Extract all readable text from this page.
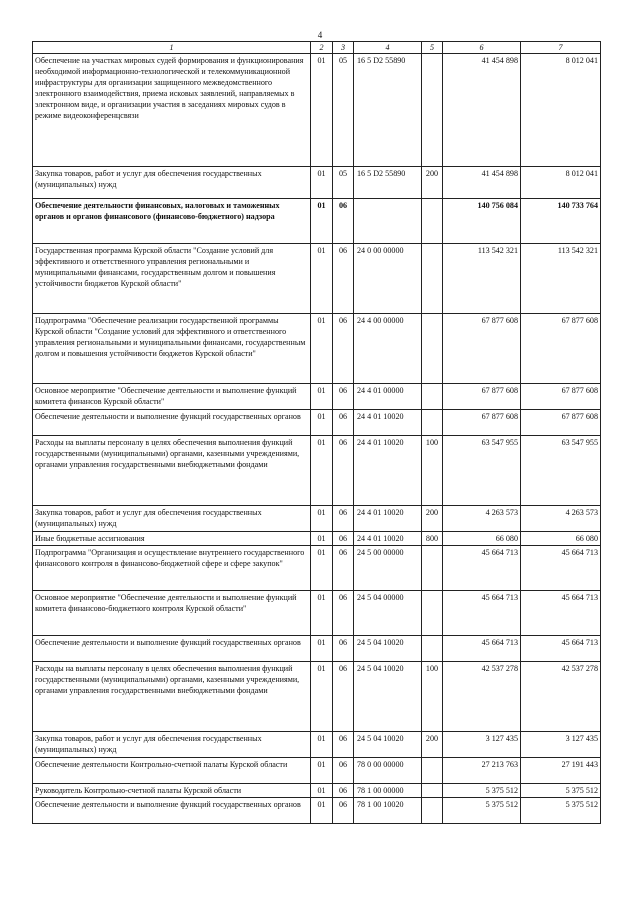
4
1	2	3	4	5	6	7
Обеспечение на участках мировых судей формирования и функционирования необходимой информационно-технологической и телекоммуникационной инфраструктуры для организации защищенного межведомственного электронного взаимодействия, приема исковых заявлений, направляемых в электронном виде, и организации участия в заседаниях мировых судов в режиме видеоконференцсвязи	01	05	16 5 D2 55890		41 454 898	8 012 041
Закупка товаров, работ и услуг для обеспечения государственных (муниципальных) нужд	01	05	16 5 D2 55890	200	41 454 898	8 012 041
Обеспечение деятельности финансовых, налоговых и таможенных органов и органов финансового (финансово-бюджетного) надзора	01	06			140 756 084	140 733 764
Государственная программа Курской области "Создание условий для эффективного и ответственного управления региональными и муниципальными финансами, государственным долгом и повышения устойчивости бюджетов Курской области"	01	06	24 0 00 00000		113 542 321	113 542 321
Подпрограмма "Обеспечение реализации государственной программы Курской области "Создание условий для эффективного и ответственного управления региональными и муниципальными финансами, государственным долгом и повышения устойчивости бюджетов Курской области"	01	06	24 4 00 00000		67 877 608	67 877 608
Основное мероприятие "Обеспечение деятельности и выполнение функций комитета финансов Курской области"	01	06	24 4 01 00000		67 877 608	67 877 608
Обеспечение деятельности и выполнение функций государственных органов	01	06	24 4 01 10020		67 877 608	67 877 608
Расходы на выплаты персоналу в целях обеспечения выполнения функций государственными (муниципальными) органами, казенными учреждениями, органами управления государственными внебюджетными фондами	01	06	24 4 01 10020	100	63 547 955	63 547 955
Закупка товаров, работ и услуг для обеспечения государственных (муниципальных) нужд	01	06	24 4 01 10020	200	4 263 573	4 263 573
Иные бюджетные ассигнования	01	06	24 4 01 10020	800	66 080	66 080
Подпрограмма "Организация и осуществление внутреннего государственного финансового контроля в финансово-бюджетной сфере и сфере закупок"	01	06	24 5 00 00000		45 664 713	45 664 713
Основное мероприятие "Обеспечение деятельности и выполнение функций комитета финансово-бюджетного контроля Курской области"	01	06	24 5 04 00000		45 664 713	45 664 713
Обеспечение деятельности и выполнение функций государственных органов	01	06	24 5 04 10020		45 664 713	45 664 713
Расходы на выплаты персоналу в целях обеспечения выполнения функций государственными (муниципальными) органами, казенными учреждениями, органами управления государственными внебюджетными фондами	01	06	24 5 04 10020	100	42 537 278	42 537 278
Закупка товаров, работ и услуг для обеспечения государственных (муниципальных) нужд	01	06	24 5 04 10020	200	3 127 435	3 127 435
Обеспечение деятельности Контрольно-счетной палаты Курской области	01	06	78 0 00 00000		27 213 763	27 191 443
Руководитель Контрольно-счетной палаты Курской области	01	06	78 1 00 00000		5 375 512	5 375 512
Обеспечение деятельности и выполнение функций государственных органов	01	06	78 1 00 10020		5 375 512	5 375 512
